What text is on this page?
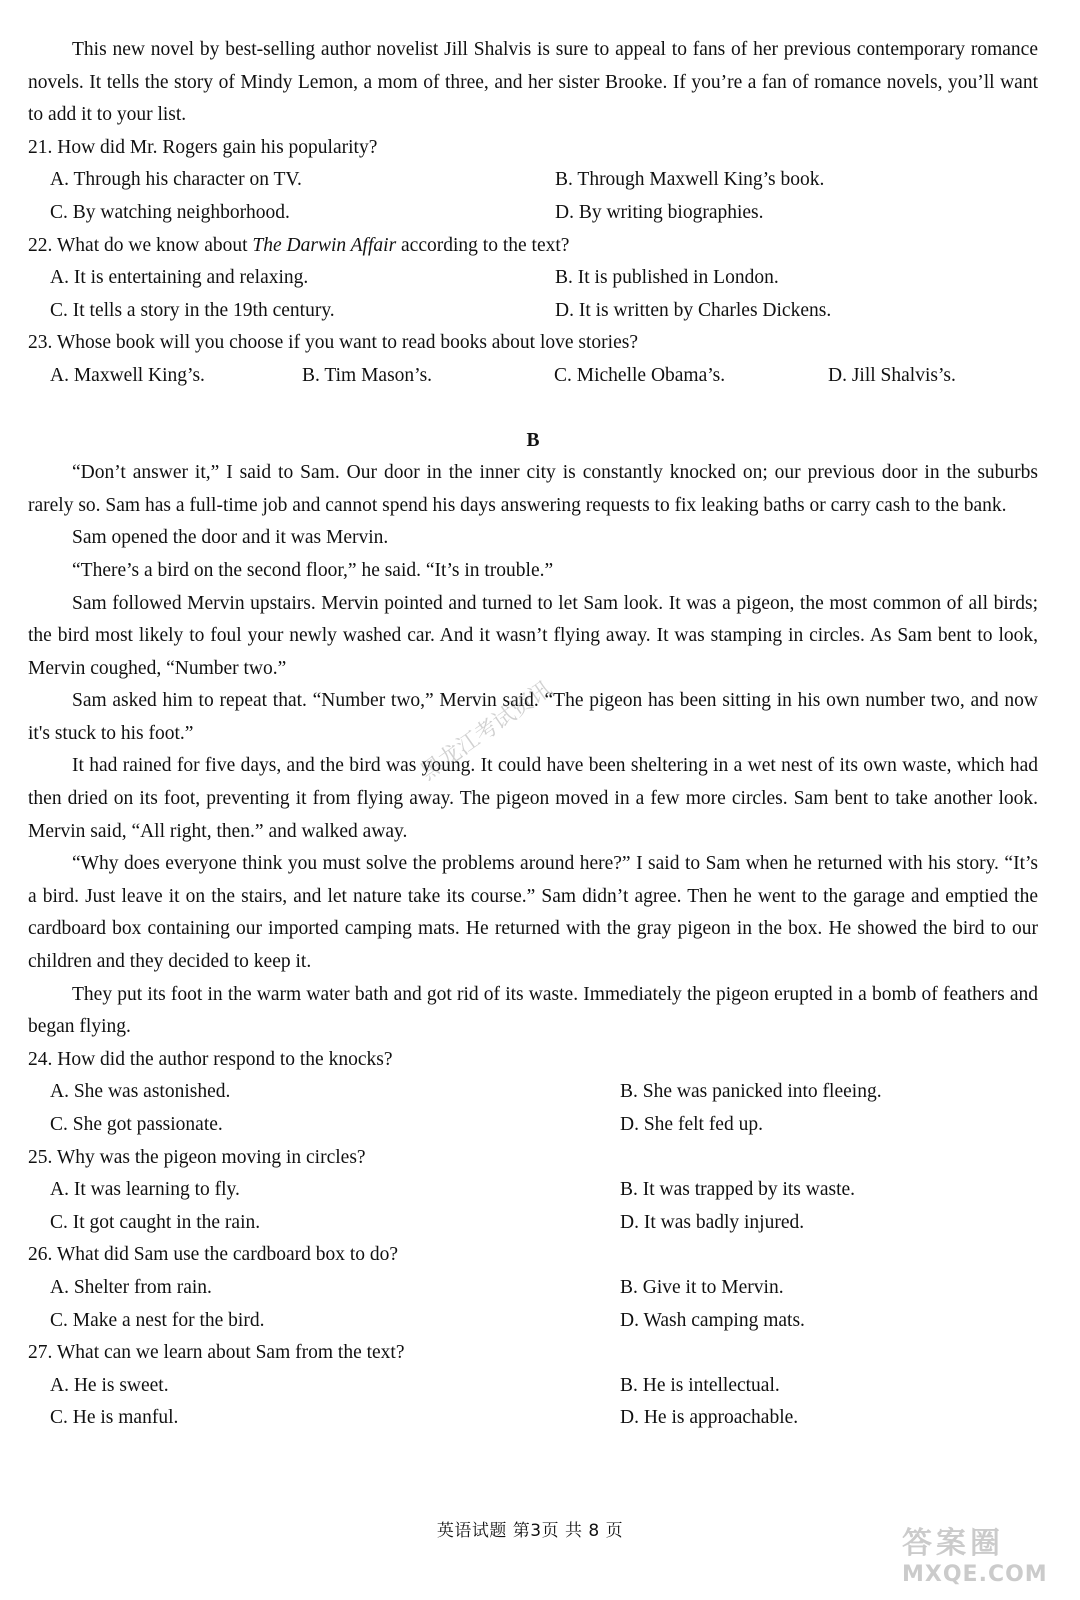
This new novel by best-selling author novelist Jill Shalvis is sure to appeal to fans of her previous contemporary romance novels. It tells the story of Mindy Lemon, a mom of three, and her sister Brooke. If you’re a fan of romance novels, you’ll want to add it to your list.

21. How did Mr. Rogers gain his popularity?

A. Through his character on TV.	B. Through Maxwell King’s book.
C. By watching neighborhood.	D. By writing biographies.

22. What do we know about The Darwin Affair according to the text?

A. It is entertaining and relaxing.	B. It is published in London.
C. It tells a story in the 19th century.	D. It is written by Charles Dickens.

23. Whose book will you choose if you want to read books about love stories?

A. Maxwell King’s.	B. Tim Mason’s.	C. Michelle Obama’s.	D. Jill Shalvis’s.
B

“Don’t answer it,” I said to Sam. Our door in the inner city is constantly knocked on; our previous door in the suburbs rarely so. Sam has a full-time job and cannot spend his days answering requests to fix leaking baths or carry cash to the bank.

Sam opened the door and it was Mervin.

“There’s a bird on the second floor,” he said. “It’s in trouble.”

Sam followed Mervin upstairs. Mervin pointed and turned to let Sam look. It was a pigeon, the most common of all birds; the bird most likely to foul your newly washed car. And it wasn’t flying away. It was stamping in circles. As Sam bent to look, Mervin coughed, “Number two.”

Sam asked him to repeat that. “Number two,” Mervin said. “The pigeon has been sitting in his own number two, and now it's stuck to his foot.”

It had rained for five days, and the bird was young. It could have been sheltering in a wet nest of its own waste, which had then dried on its foot, preventing it from flying away. The pigeon moved in a few more circles. Sam bent to take another look. Mervin said, “All right, then.” and walked away.

“Why does everyone think you must solve the problems around here?” I said to Sam when he returned with his story. “It’s a bird. Just leave it on the stairs, and let nature take its course.” Sam didn’t agree. Then he went to the garage and emptied the cardboard box containing our imported camping mats. He returned with the gray pigeon in the box. He showed the bird to our children and they decided to keep it.

They put its foot in the warm water bath and got rid of its waste. Immediately the pigeon erupted in a bomb of feathers and began flying.

24. How did the author respond to the knocks?

A. She was astonished.	B. She was panicked into fleeing.
C. She got passionate.	D. She felt fed up.

25. Why was the pigeon moving in circles?

A. It was learning to fly.	B. It was trapped by its waste.
C. It got caught in the rain.	D. It was badly injured.

26. What did Sam use the cardboard box to do?

A. Shelter from rain.	B. Give it to Mervin.
C. Make a nest for the bird.	D. Wash camping mats.

27. What can we learn about Sam from the text?

A. He is sweet.	B. He is intellectual.
C. He is manful.	D. He is approachable.
黑龙江考试资讯
英语试题 第3页 共 8 页	答案圈
MXQE.COM
